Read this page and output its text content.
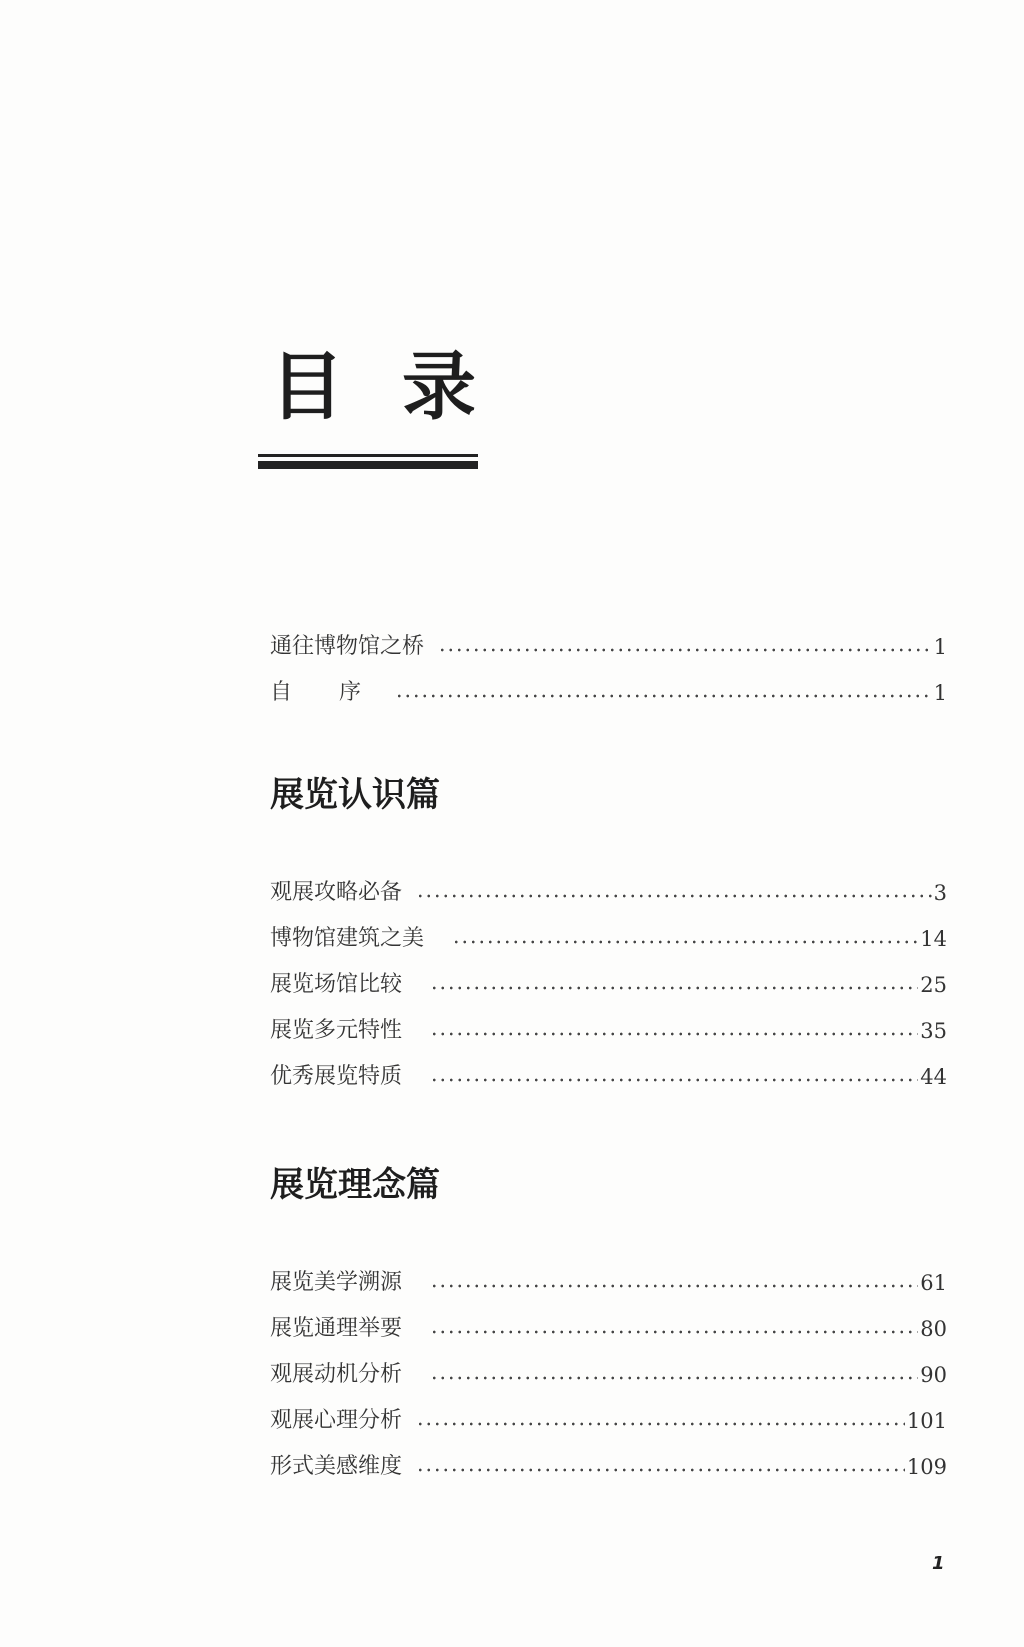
目录
通往博物馆之桥	1
自 序	1
展览认识篇
观展攻略必备	3
博物馆建筑之美	14
展览场馆比较	25
展览多元特性	35
优秀展览特质	44
展览理念篇
展览美学溯源	61
展览通理举要	80
观展动机分析	90
观展心理分析	101
形式美感维度	109
1
